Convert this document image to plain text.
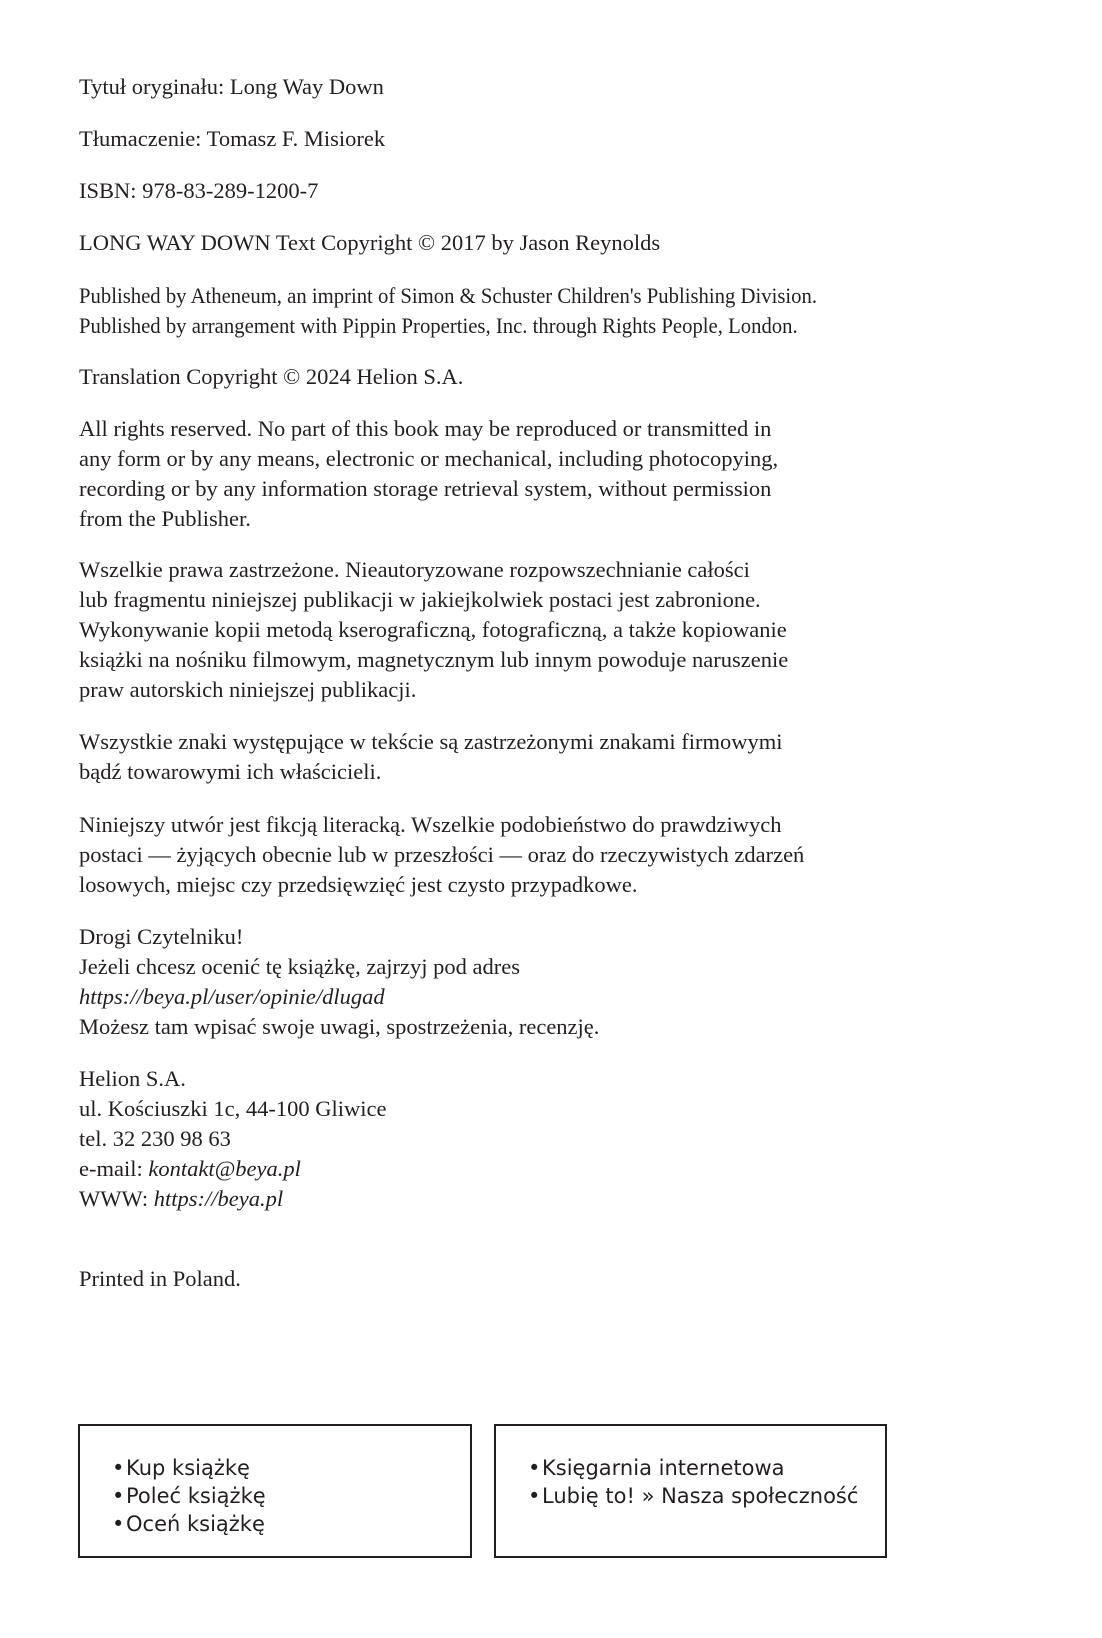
Tytuł oryginału: Long Way Down
Tłumaczenie: Tomasz F. Misiorek
ISBN: 978-83-289-1200-7
LONG WAY DOWN Text Copyright © 2017 by Jason Reynolds
Published by Atheneum, an imprint of Simon & Schuster Children's Publishing Division.
Published by arrangement with Pippin Properties, Inc. through Rights People, London.
Translation Copyright © 2024 Helion S.A.
All rights reserved. No part of this book may be reproduced or transmitted in
any form or by any means, electronic or mechanical, including photocopying,
recording or by any information storage retrieval system, without permission
from the Publisher.
Wszelkie prawa zastrzeżone. Nieautoryzowane rozpowszechnianie całości
lub fragmentu niniejszej publikacji w jakiejkolwiek postaci jest zabronione.
Wykonywanie kopii metodą kserograficzną, fotograficzną, a także kopiowanie
książki na nośniku filmowym, magnetycznym lub innym powoduje naruszenie
praw autorskich niniejszej publikacji.
Wszystkie znaki występujące w tekście są zastrzeżonymi znakami firmowymi
bądź towarowymi ich właścicieli.
Niniejszy utwór jest fikcją literacką. Wszelkie podobieństwo do prawdziwych
postaci — żyjących obecnie lub w przeszłości — oraz do rzeczywistych zdarzeń
losowych, miejsc czy przedsięwzięć jest czysto przypadkowe.
Drogi Czytelniku!
Jeżeli chcesz ocenić tę książkę, zajrzyj pod adres
https://beya.pl/user/opinie/dlugad
Możesz tam wpisać swoje uwagi, spostrzeżenia, recenzję.
Helion S.A.
ul. Kościuszki 1c, 44-100 Gliwice
tel. 32 230 98 63
e-mail: kontakt@beya.pl
WWW: https://beya.pl
Printed in Poland.
•Kup książkę
•Poleć książkę
•Oceń książkę
•Księgarnia internetowa
•Lubię to! » Nasza społeczność
